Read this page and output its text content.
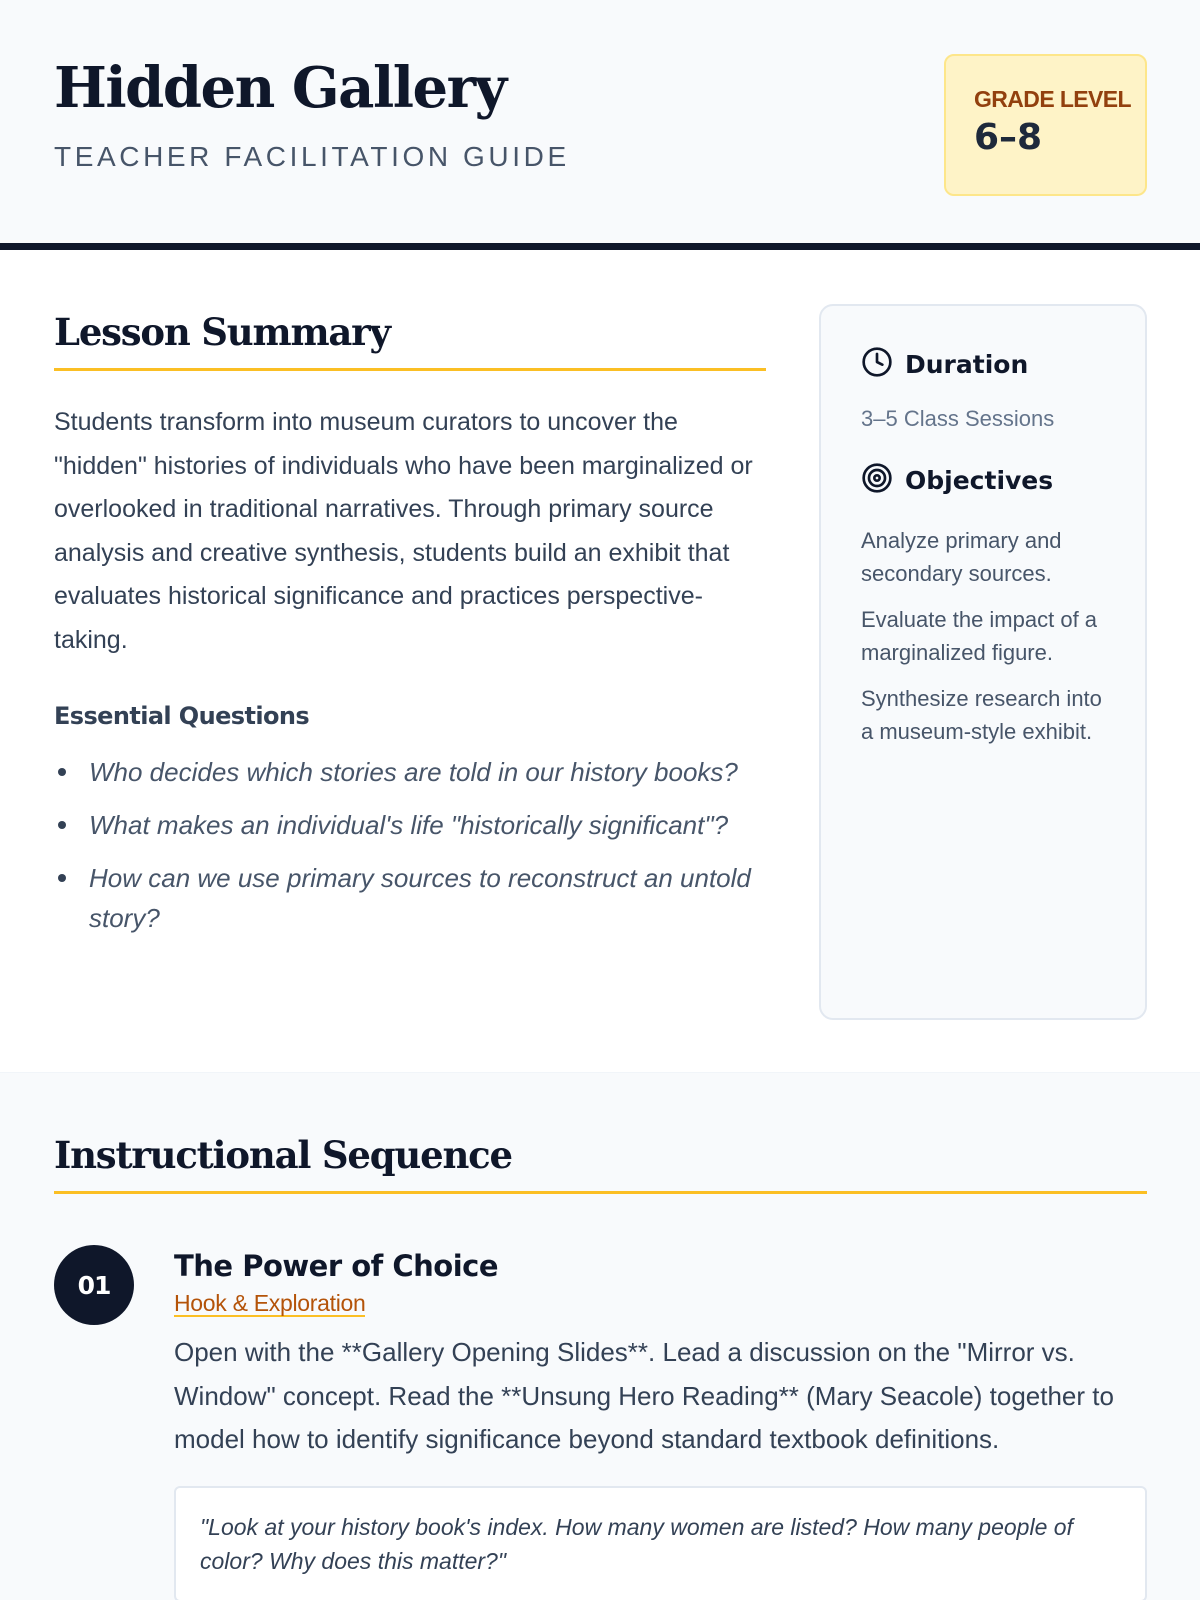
Hidden Gallery
TEACHER FACILITATION GUIDE
GRADE LEVEL
6–8
Lesson Summary

Students transform into museum curators to uncover the "hidden" histories of individuals who have been marginalized or overlooked in traditional narratives. Through primary source analysis and creative synthesis, students build an exhibit that evaluates historical significance and practices perspective-taking.

Essential Questions
Who decides which stories are told in our history books?
What makes an individual's life "historically significant"?
How can we use primary sources to reconstruct an untold story?
Duration
3–5 Class Sessions
Objectives

Analyze primary and secondary sources.

Evaluate the impact of a marginalized figure.

Synthesize research into a museum-style exhibit.

Instructional Sequence
01
The Power of Choice
Hook & Exploration

Open with the **Gallery Opening Slides**. Lead a discussion on the "Mirror vs. Window" concept. Read the **Unsung Hero Reading** (Mary Seacole) together to model how to identify significance beyond standard textbook definitions.

"Look at your history book's index. How many women are listed? How many people of color? Why does this matter?"
